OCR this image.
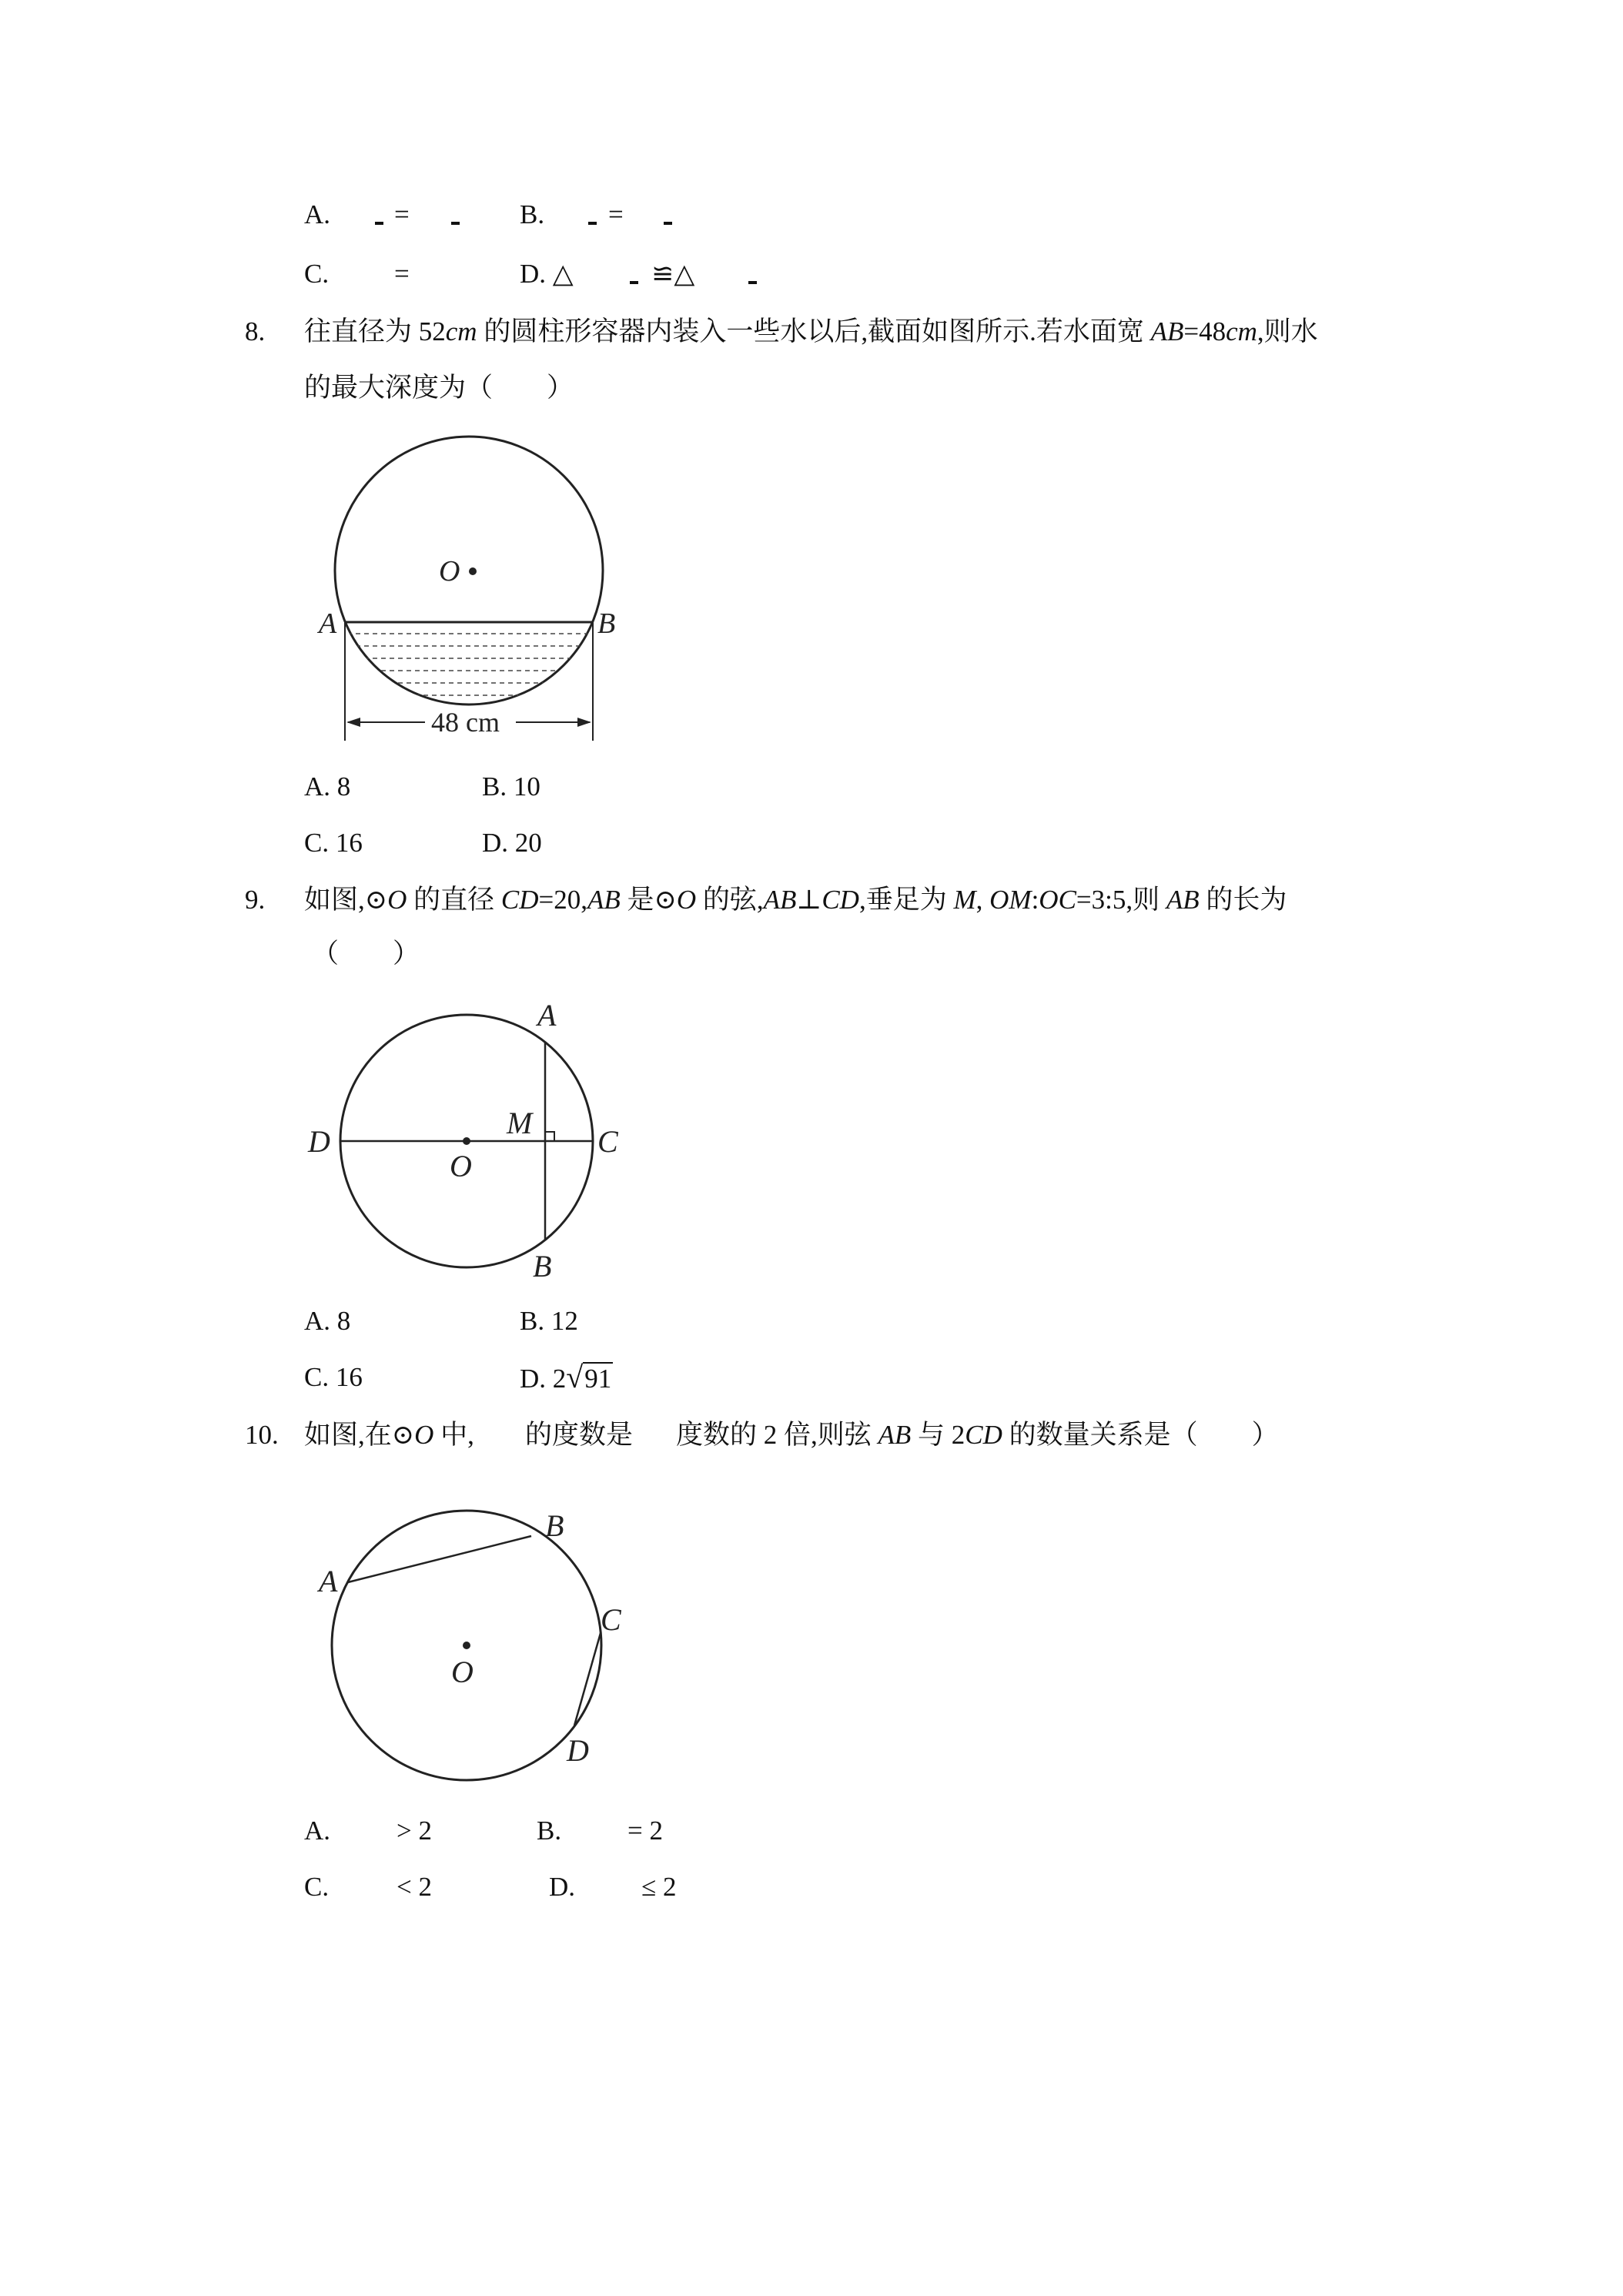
A. =	B. =
C. =	D. △	≌△
8. 往直径为 52cm 的圆柱形容器内装入一些水以后,截面如图所示.若水面宽 AB=48cm,则水
的最大深度为（　　）
O
A	B
48 cm
A. 8	B. 10
C. 16	D. 20
9. 如图,⊙O 的直径 CD=20,AB 是⊙O 的弦,AB⊥CD,垂足为 M, OM:OC=3:5,则 AB 的长为
（　　）
D	C
A
B
M
O
A. 8	B. 12
C. 16	D. 2√91
10. 如图,在⊙O 中, 的度数是 度数的 2 倍,则弦 AB 与 2CD 的数量关系是（　　）
A
B
C
D
O
A. > 2	B. = 2
C.	< 2	D. ≤ 2
